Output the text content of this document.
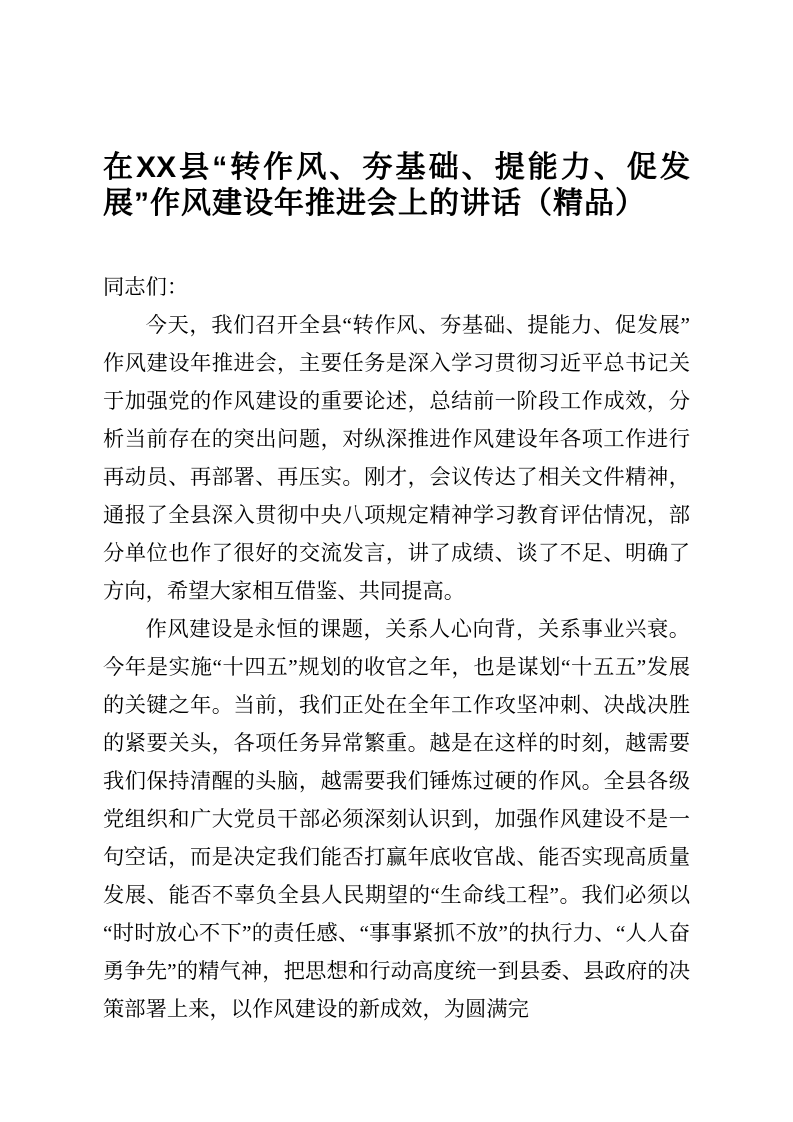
在XX县“转作风、夯基础、提能力、促发
展”作风建设年推进会上的讲话（精品）

同志们：

今天，我们召开全县“转作风、夯基础、提能力、促发展”作风建设年推进会，主要任务是深入学习贯彻习近平总书记关于加强党的作风建设的重要论述，总结前一阶段工作成效，分析当前存在的突出问题，对纵深推进作风建设年各项工作进行再动员、再部署、再压实。刚才，会议传达了相关文件精神，通报了全县深入贯彻中央八项规定精神学习教育评估情况，部分单位也作了很好的交流发言，讲了成绩、谈了不足、明确了方向，希望大家相互借鉴、共同提高。

作风建设是永恒的课题，关系人心向背，关系事业兴衰。今年是实施“十四五”规划的收官之年，也是谋划“十五五”发展的关键之年。当前，我们正处在全年工作攻坚冲刺、决战决胜的紧要关头，各项任务异常繁重。越是在这样的时刻，越需要我们保持清醒的头脑，越需要我们锤炼过硬的作风。全县各级党组织和广大党员干部必须深刻认识到，加强作风建设不是一句空话，而是决定我们能否打赢年底收官战、能否实现高质量发展、能否不辜负全县人民期望的“生命线工程”。我们必须以“时时放心不下”的责任感、“事事紧抓不放”的执行力、“人人奋勇争先”的精气神，把思想和行动高度统一到县委、县政府的决策部署上来，以作风建设的新成效，为圆满完
